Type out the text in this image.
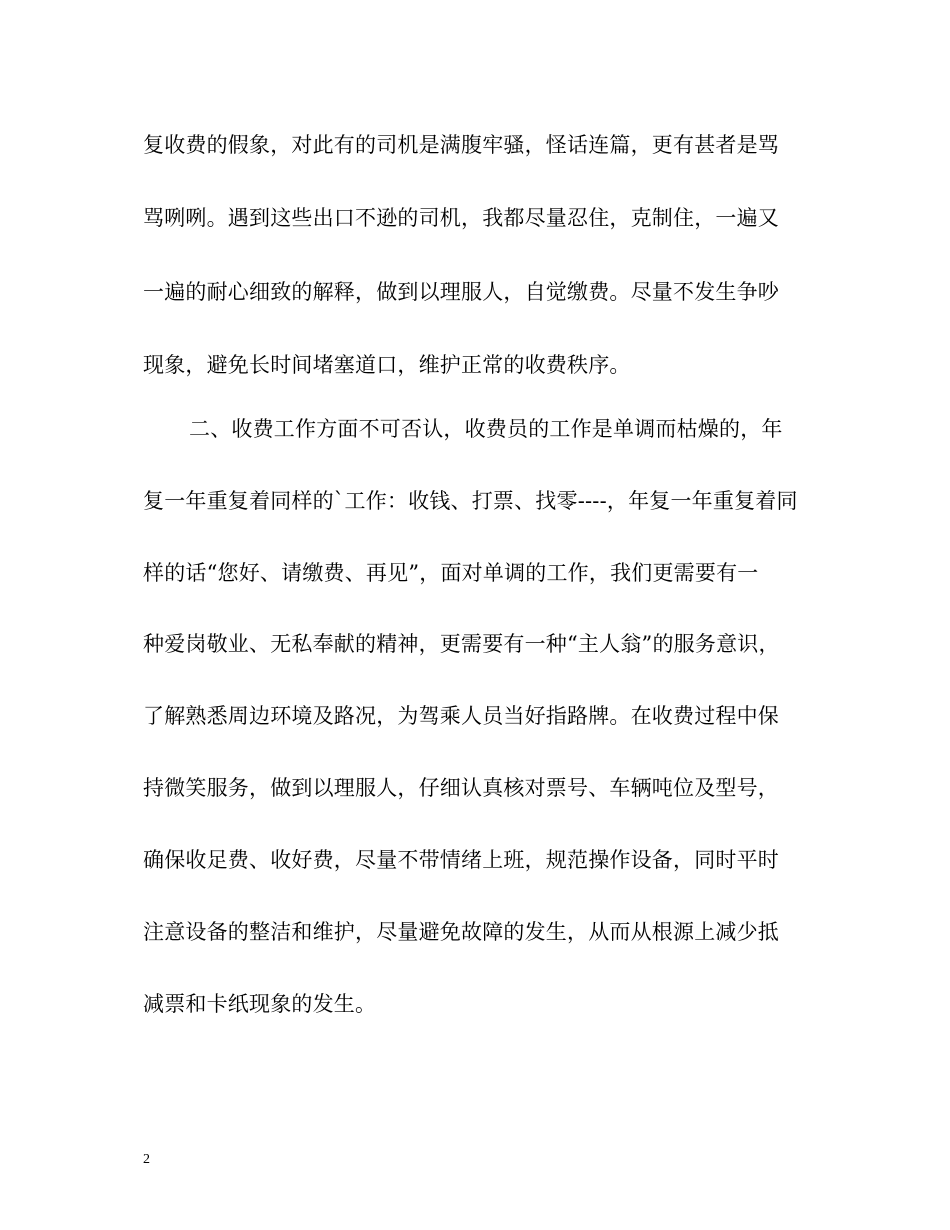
复收费的假象，对此有的司机是满腹牢骚，怪话连篇，更有甚者是骂
骂咧咧。遇到这些出口不逊的司机，我都尽量忍住，克制住，一遍又
一遍的耐心细致的解释，做到以理服人，自觉缴费。尽量不发生争吵
现象，避免长时间堵塞道口，维护正常的收费秩序。
二、收费工作方面不可否认，收费员的工作是单调而枯燥的，年
复一年重复着同样的`工作：收钱、打票、找零----，年复一年重复着同
样的话“您好、请缴费、再见”，面对单调的工作，我们更需要有一
种爱岗敬业、无私奉献的精神，更需要有一种“主人翁”的服务意识，
了解熟悉周边环境及路况，为驾乘人员当好指路牌。在收费过程中保
持微笑服务，做到以理服人，仔细认真核对票号、车辆吨位及型号，
确保收足费、收好费，尽量不带情绪上班，规范操作设备，同时平时
注意设备的整洁和维护，尽量避免故障的发生，从而从根源上减少抵
减票和卡纸现象的发生。
2
